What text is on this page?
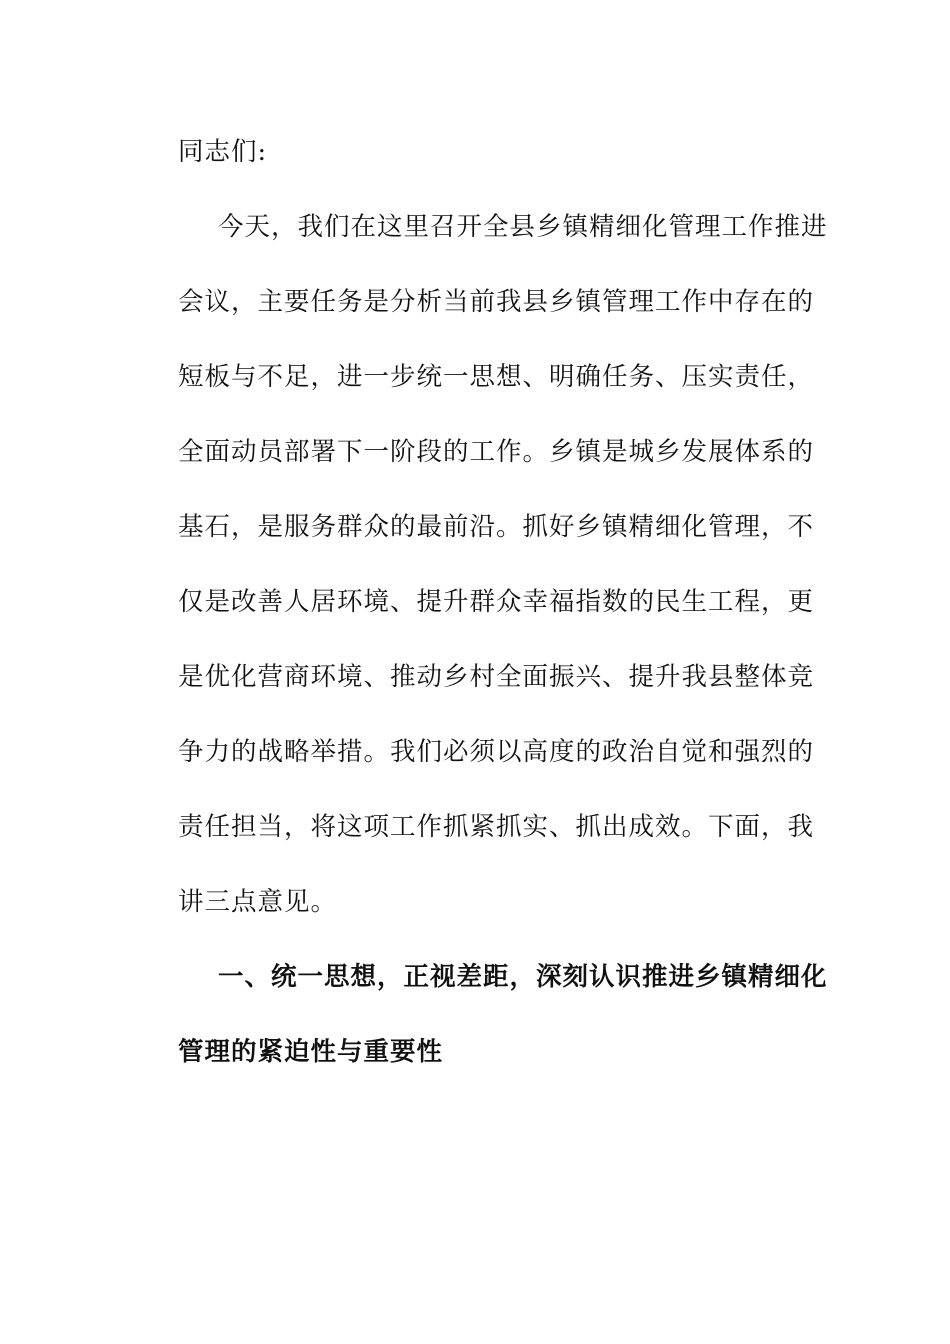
同志们:
今天，我们在这里召开全县乡镇精细化管理工作推进
会议，主要任务是分析当前我县乡镇管理工作中存在的
短板与不足，进一步统一思想、明确任务、压实责任，
全面动员部署下一阶段的工作。乡镇是城乡发展体系的
基石，是服务群众的最前沿。抓好乡镇精细化管理，不
仅是改善人居环境、提升群众幸福指数的民生工程，更
是优化营商环境、推动乡村全面振兴、提升我县整体竞
争力的战略举措。我们必须以高度的政治自觉和强烈的
责任担当，将这项工作抓紧抓实、抓出成效。下面，我
讲三点意见。
一、统一思想，正视差距，深刻认识推进乡镇精细化
管理的紧迫性与重要性
